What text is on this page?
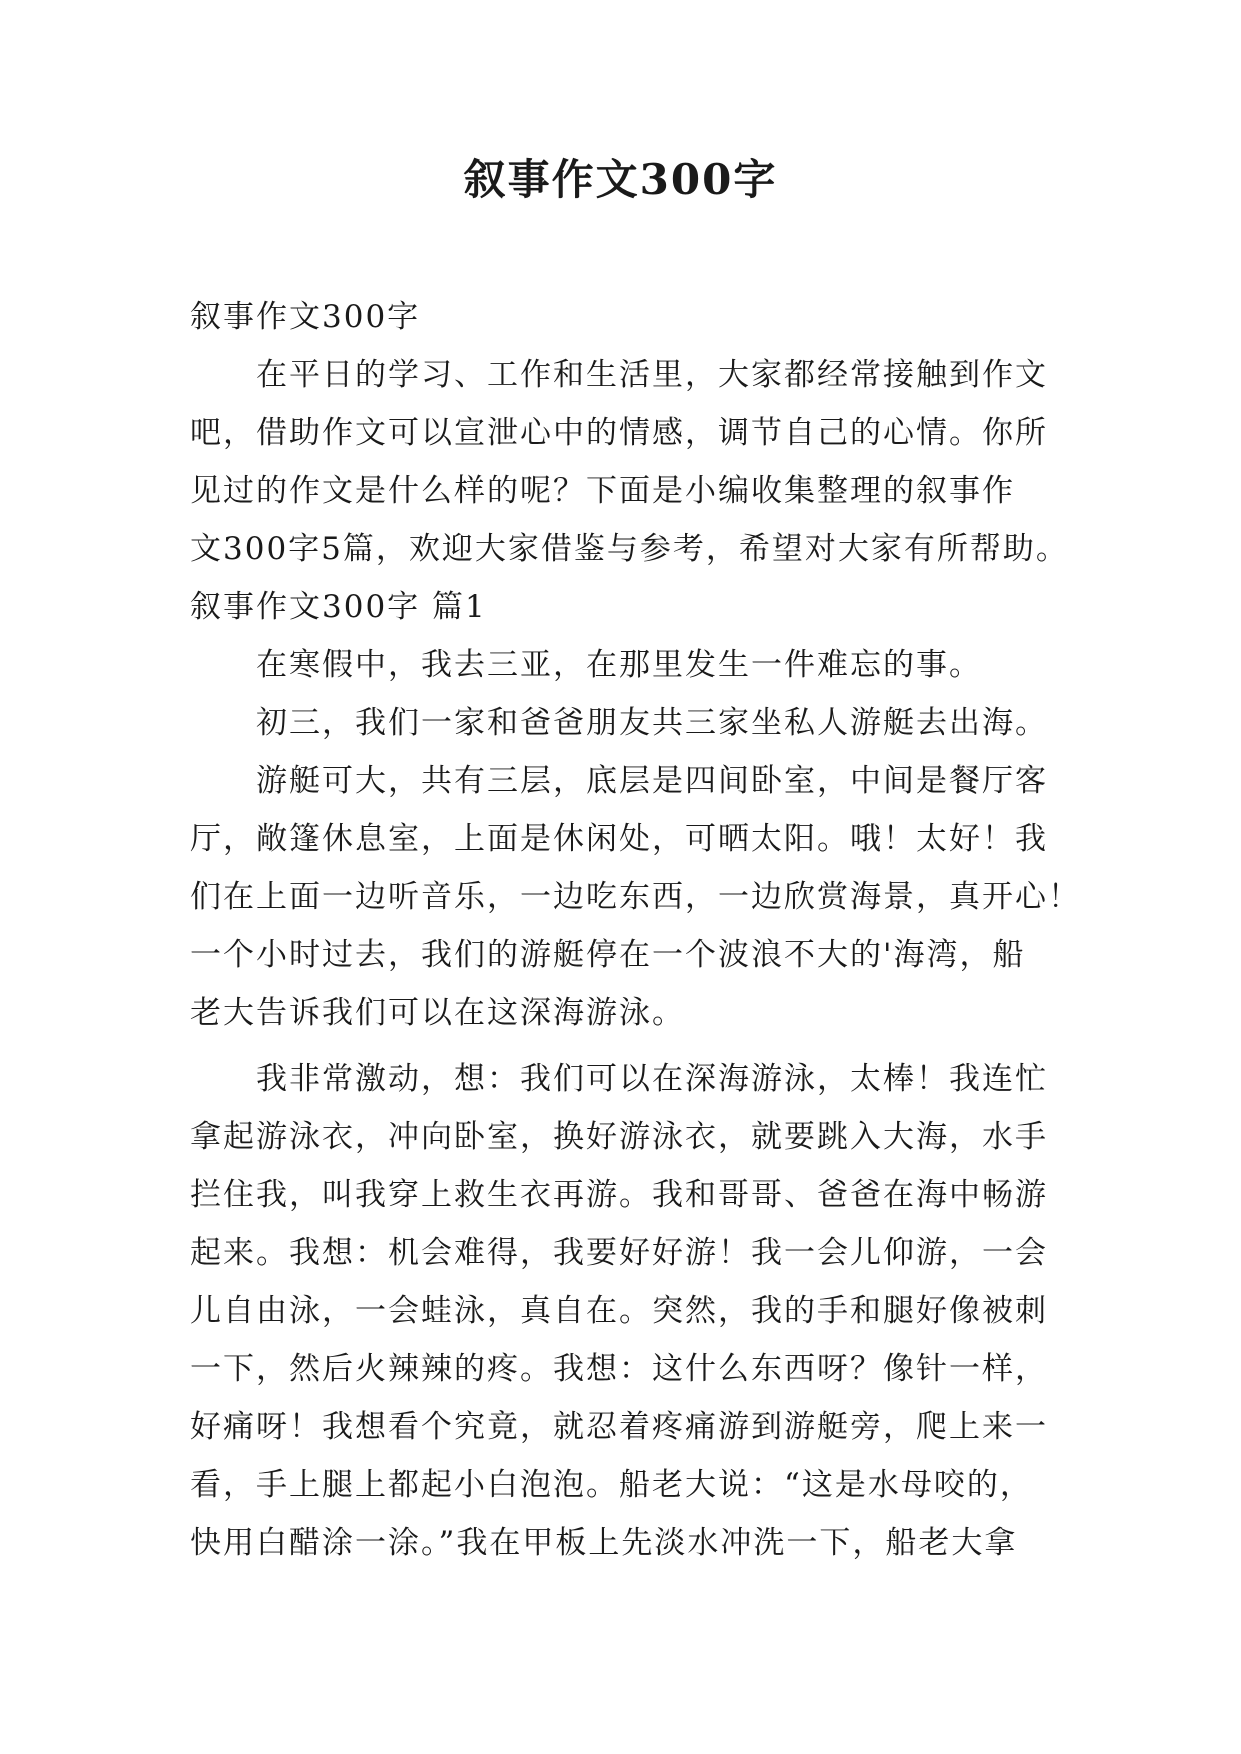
叙事作文300字
叙事作文300字
在平日的学习、工作和生活里，大家都经常接触到作文
吧，借助作文可以宣泄心中的情感，调节自己的心情。你所
见过的作文是什么样的呢？下面是小编收集整理的叙事作
文300字5篇，欢迎大家借鉴与参考，希望对大家有所帮助。
叙事作文300字 篇1
在寒假中，我去三亚，在那里发生一件难忘的事。
初三，我们一家和爸爸朋友共三家坐私人游艇去出海。
游艇可大，共有三层，底层是四间卧室，中间是餐厅客
厅，敞篷休息室，上面是休闲处，可晒太阳。哦！太好！我
们在上面一边听音乐，一边吃东西，一边欣赏海景，真开心！
一个小时过去，我们的游艇停在一个波浪不大的'海湾，船
老大告诉我们可以在这深海游泳。
我非常激动，想：我们可以在深海游泳，太棒！我连忙
拿起游泳衣，冲向卧室，换好游泳衣，就要跳入大海，水手
拦住我，叫我穿上救生衣再游。我和哥哥、爸爸在海中畅游
起来。我想：机会难得，我要好好游！我一会儿仰游，一会
儿自由泳，一会蛙泳，真自在。突然，我的手和腿好像被刺
一下，然后火辣辣的疼。我想：这什么东西呀？像针一样，
好痛呀！我想看个究竟，就忍着疼痛游到游艇旁，爬上来一
看，手上腿上都起小白泡泡。船老大说：“这是水母咬的，
快用白醋涂一涂。”我在甲板上先淡水冲洗一下，船老大拿
